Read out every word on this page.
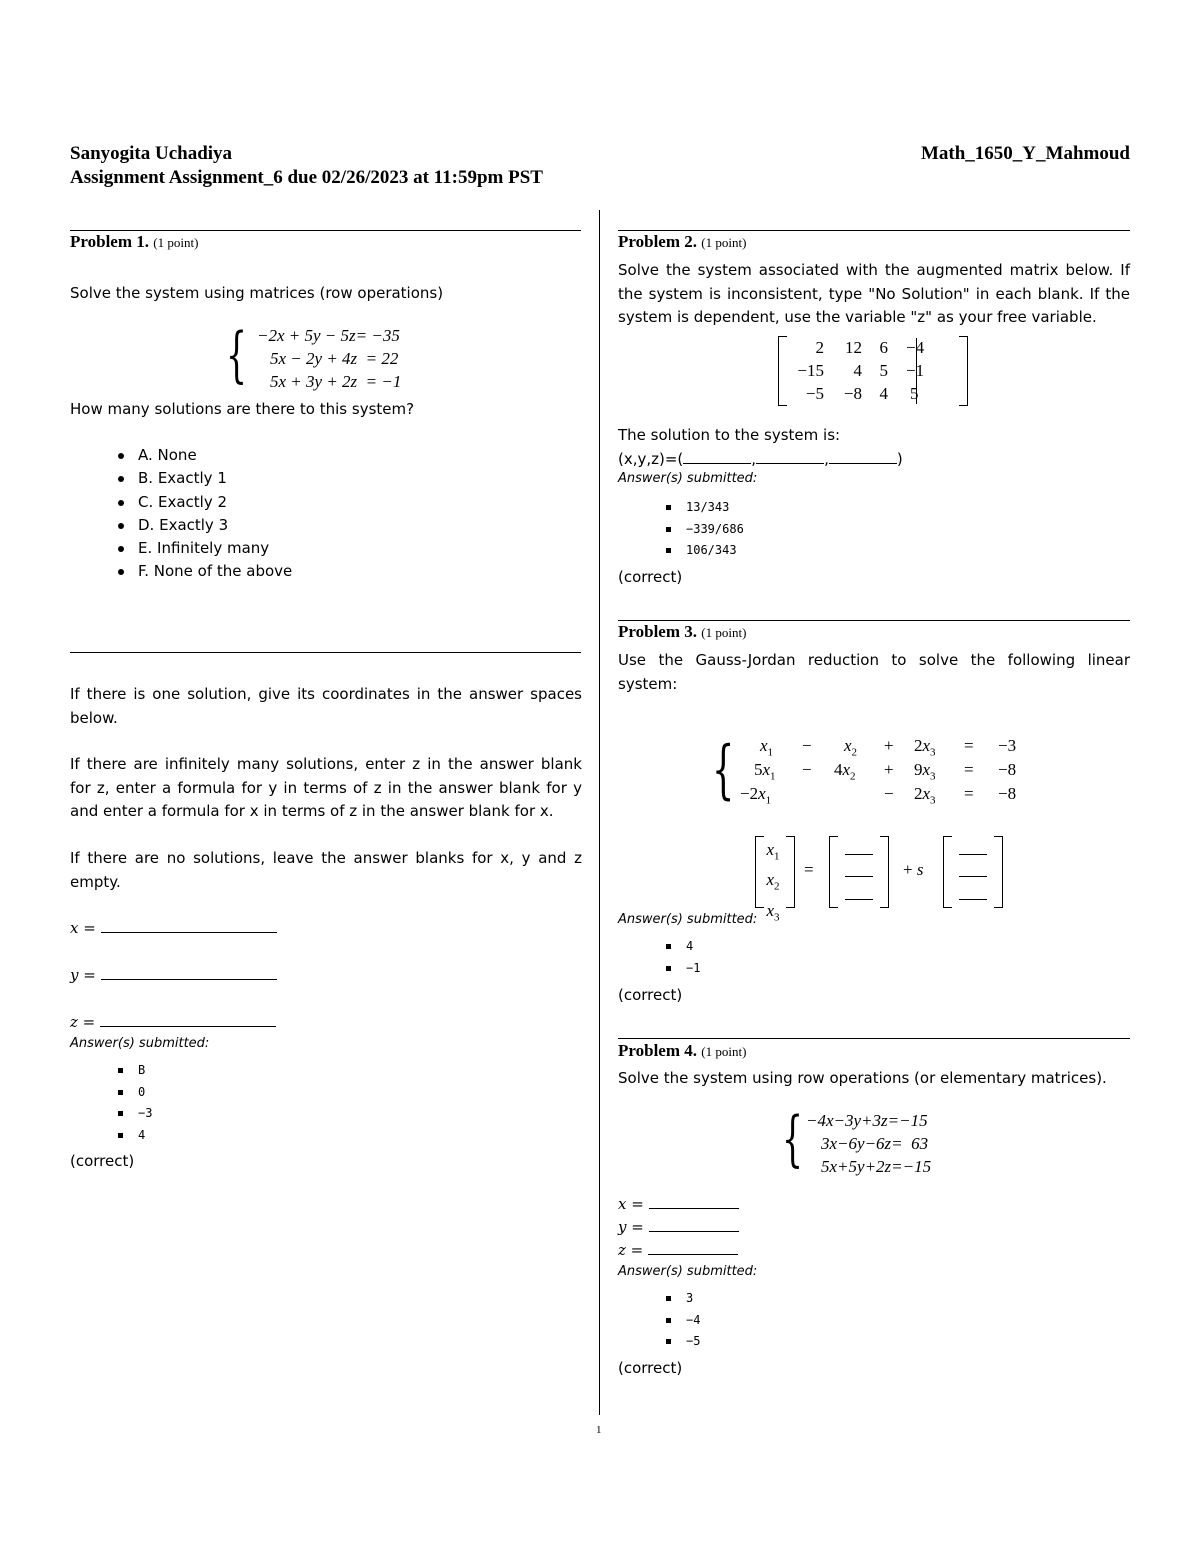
Sanyogita Uchadiya	Math_1650_Y_Mahmoud
Assignment Assignment_6 due 02/26/2023 at 11:59pm PST
Problem 1. (1 point)
Solve the system using matrices (row operations)
{ −2x + 5y − 5z= −35
5x − 2y + 4z  = 22
5x + 3y + 2z  = −1
How many solutions are there to this system?
A. None
B. Exactly 1
C. Exactly 2
D. Exactly 3
E. Infinitely many
F. None of the above
If there is one solution, give its coordinates in the answer spaces below.
If there are infinitely many solutions, enter z in the answer blank for z, enter a formula for y in terms of z in the answer blank for y and enter a formula for x in terms of z in the answer blank for x.
If there are no solutions, leave the answer blanks for x, y and z empty.
x =
y =
z =
Answer(s) submitted:
B
0
−3
4
(correct)
Problem 2. (1 point)
Solve the system associated with the augmented matrix below. If the system is inconsistent, type "No Solution" in each blank. If the system is dependent, use the variable "z" as your free variable.
2	12	6	−4
−15	4	5	−1
−5	−8	4	5
The solution to the system is:
(x,y,z)=(	,	,	)
Answer(s) submitted:
13/343
−339/686
106/343
(correct)
Problem 3. (1 point)
Use the Gauss-Jordan reduction to solve the following linear system:
{ $x_1 - x_2 + 2x_3 = -3$
$5x_1 - 4x_2 + 9x_3 = -8$
$-2x_1$	− $2x_3 = -8$
$x_1$
$x_2$
$x_3$
=	+ s
Answer(s) submitted:
4
−1
(correct)
Problem 4. (1 point)
Solve the system using row operations (or elementary matrices).
{ −4x−3y+3z=−15
3x−6y−6z=  63
5x+5y+2z=−15
x =
y =
z =
Answer(s) submitted:
3
−4
−5
(correct)
1
